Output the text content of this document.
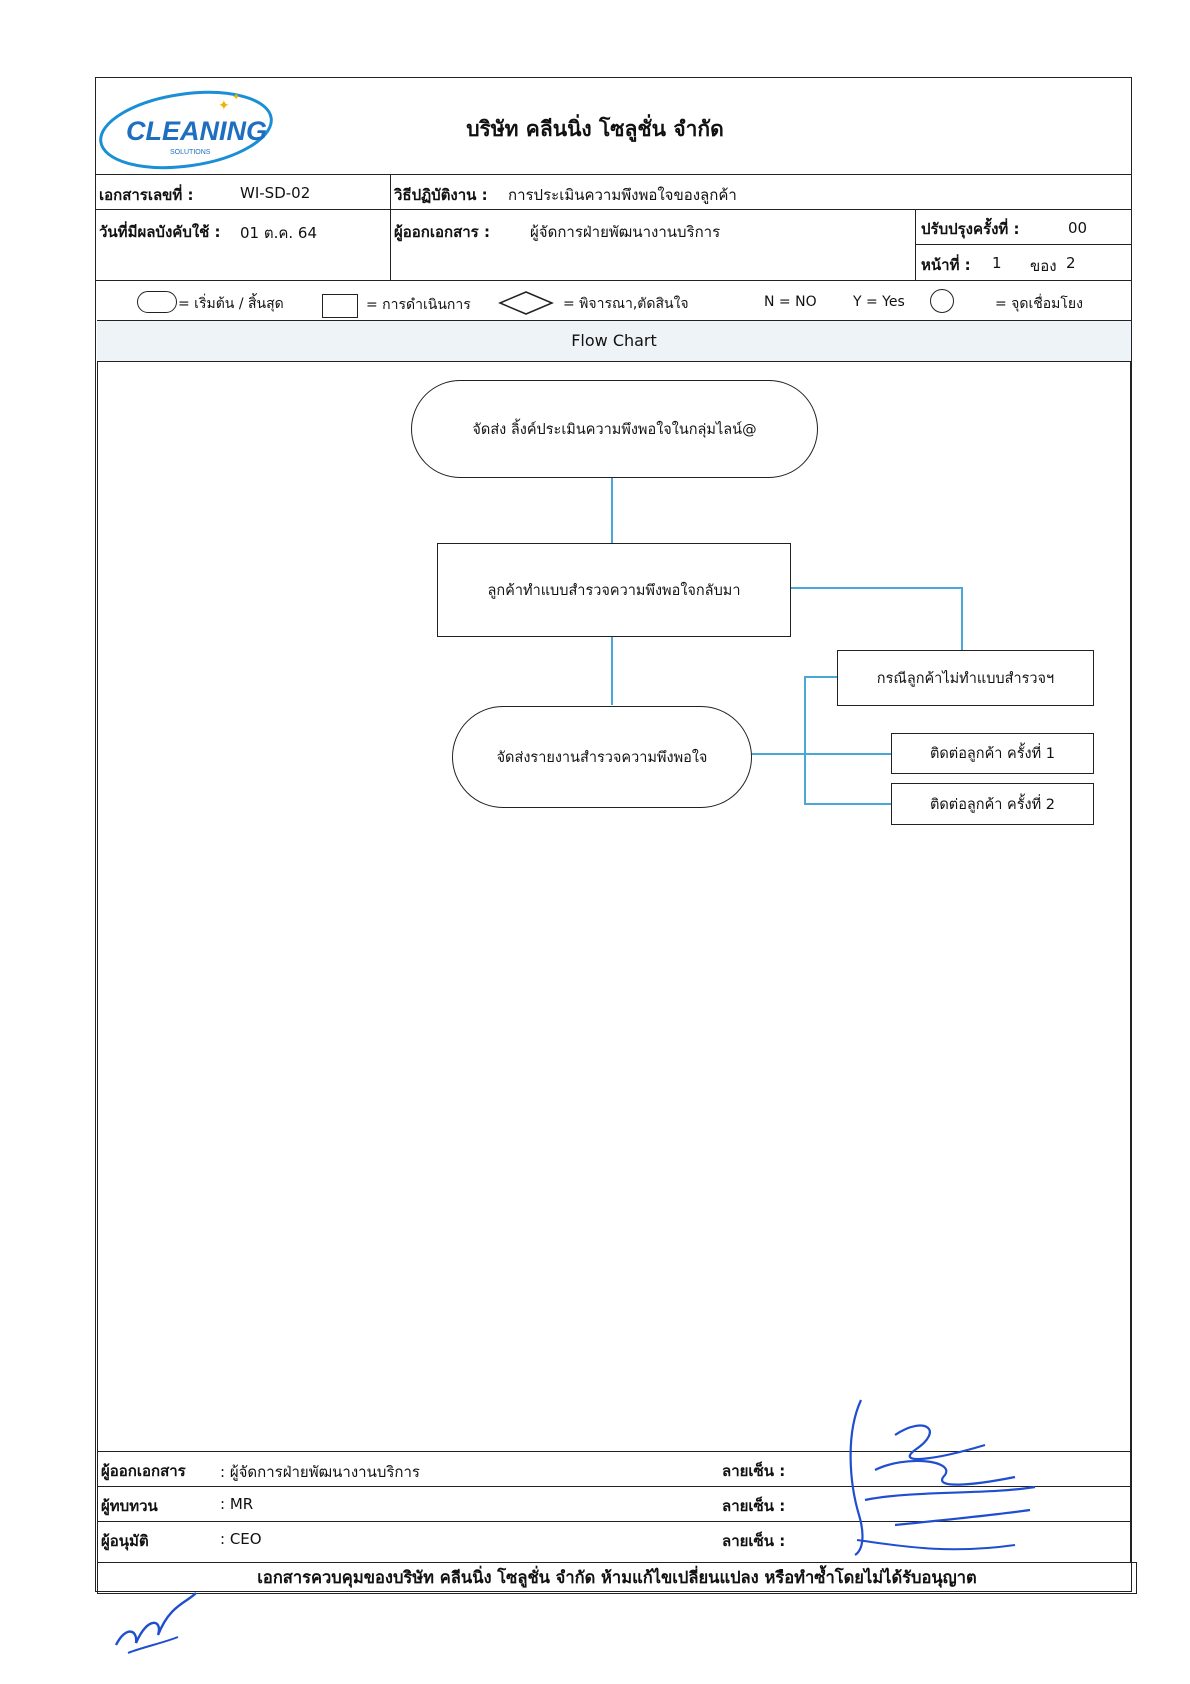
CLEANING
SOLUTIONS
✦
✦
บริษัท คลีนนิ่ง โซลูชั่น จำกัด
เอกสารเลขที่ :	WI-SD-02	วิธีปฏิบัติงาน : การประเมินความพึงพอใจของลูกค้า
วันที่มีผลบังคับใช้ : 01 ต.ค. 64	ผู้ออกเอกสาร :	ผู้จัดการฝ่ายพัฒนางานบริการ	ปรับปรุงครั้งที่ :	00
หน้าที่ : 1 ของ 2
= เริ่มต้น / สิ้นสุด	= การดำเนินการ	= พิจารณา,ตัดสินใจ	N = NO	Y = Yes	= จุดเชื่อมโยง
Flow Chart
จัดส่ง ลิ้งค์ประเมินความพึงพอใจในกลุ่มไลน์@
ลูกค้าทำแบบสำรวจความพึงพอใจกลับมา
กรณีลูกค้าไม่ทำแบบสำรวจฯ
ติดต่อลูกค้า ครั้งที่ 1
ติดต่อลูกค้า ครั้งที่ 2
จัดส่งรายงานสำรวจความพึงพอใจ
ผู้ออกเอกสาร : ผู้จัดการฝ่ายพัฒนางานบริการ	ลายเซ็น :
ผู้ทบทวน	: MR	ลายเซ็น :
ผู้อนุมัติ	: CEO	ลายเซ็น :
เอกสารควบคุมของบริษัท คลีนนิ่ง โซลูชั่น จำกัด ห้ามแก้ไขเปลี่ยนแปลง หรือทำซ้ำโดยไม่ได้รับอนุญาต
